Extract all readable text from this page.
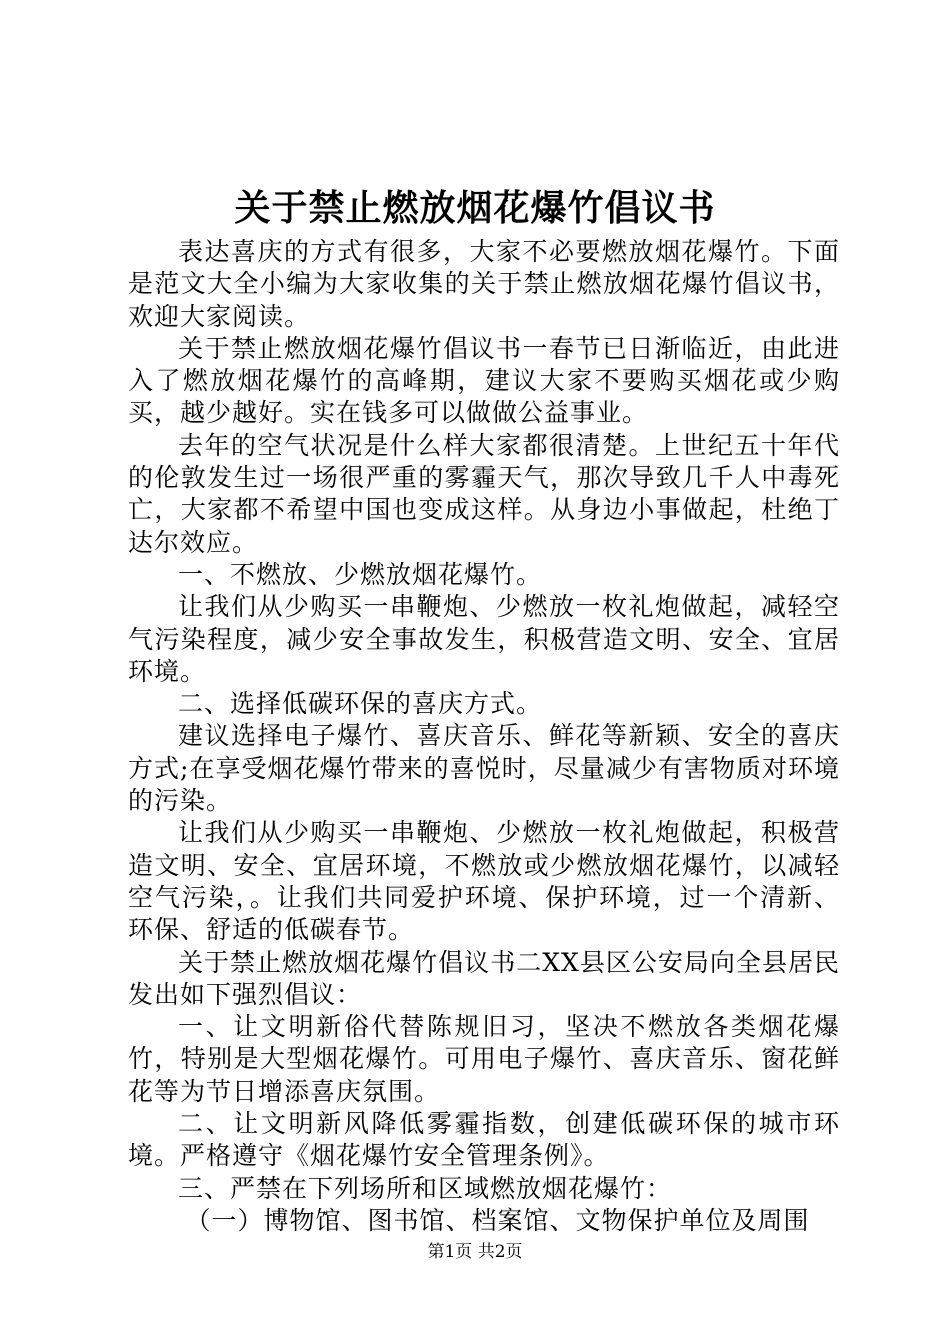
关于禁止燃放烟花爆竹倡议书

表达喜庆的方式有很多，大家不必要燃放烟花爆竹。下面是范文大全小编为大家收集的关于禁止燃放烟花爆竹倡议书，欢迎大家阅读。

关于禁止燃放烟花爆竹倡议书一春节已日渐临近，由此进入了燃放烟花爆竹的高峰期，建议大家不要购买烟花或少购买，越少越好。实在钱多可以做做公益事业。

去年的空气状况是什么样大家都很清楚。上世纪五十年代的伦敦发生过一场很严重的雾霾天气，那次导致几千人中毒死亡，大家都不希望中国也变成这样。从身边小事做起，杜绝丁达尔效应。

一、不燃放、少燃放烟花爆竹。

让我们从少购买一串鞭炮、少燃放一枚礼炮做起，减轻空气污染程度，减少安全事故发生，积极营造文明、安全、宜居环境。

二、选择低碳环保的喜庆方式。

建议选择电子爆竹、喜庆音乐、鲜花等新颖、安全的喜庆方式;在享受烟花爆竹带来的喜悦时，尽量减少有害物质对环境的污染。

让我们从少购买一串鞭炮、少燃放一枚礼炮做起，积极营造文明、安全、宜居环境，不燃放或少燃放烟花爆竹，以减轻空气污染，。让我们共同爱护环境、保护环境，过一个清新、环保、舒适的低碳春节。

关于禁止燃放烟花爆竹倡议书二XX县区公安局向全县居民发出如下强烈倡议：

一、让文明新俗代替陈规旧习，坚决不燃放各类烟花爆竹，特别是大型烟花爆竹。可用电子爆竹、喜庆音乐、窗花鲜花等为节日增添喜庆氛围。

二、让文明新风降低雾霾指数，创建低碳环保的城市环境。严格遵守《烟花爆竹安全管理条例》。

三、严禁在下列场所和区域燃放烟花爆竹：

（一）博物馆、图书馆、档案馆、文物保护单位及周围

第1页 共2页
